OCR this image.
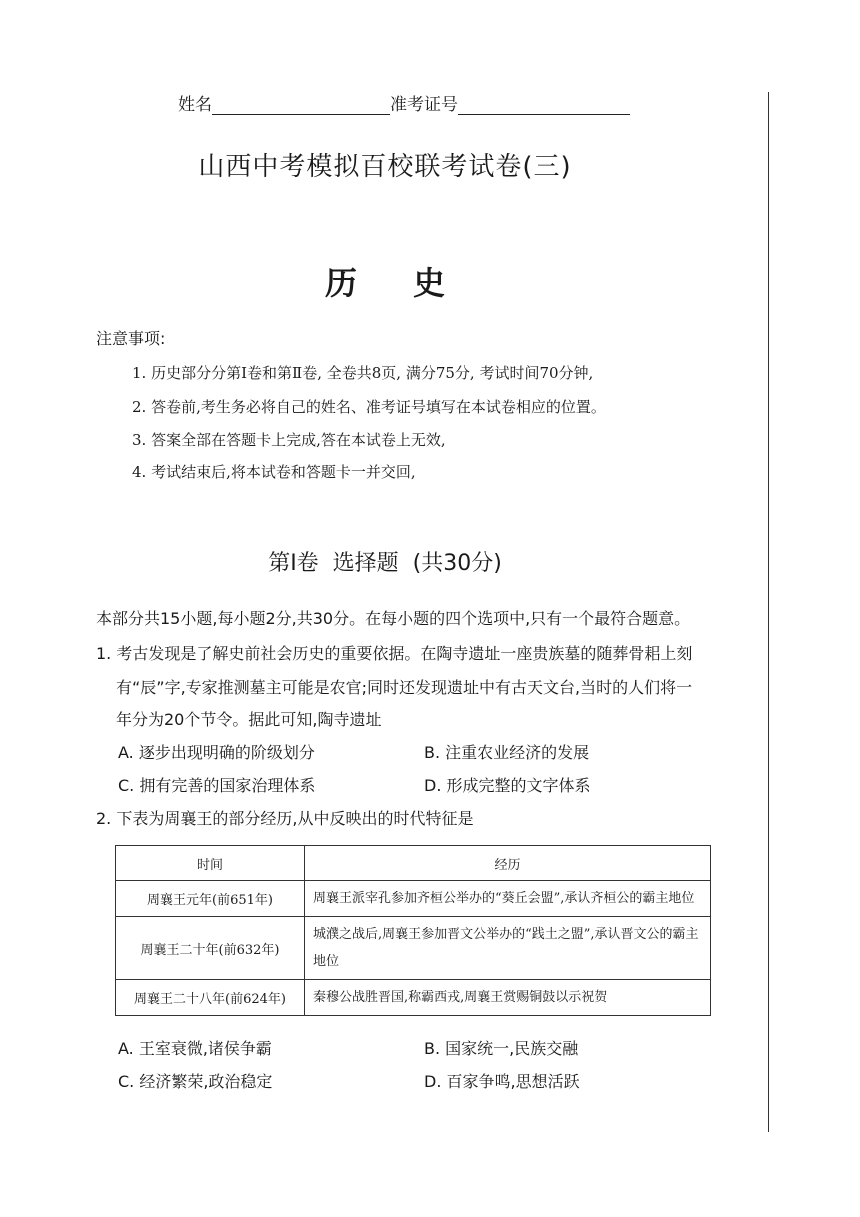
姓名	准考证号
山西中考模拟百校联考试卷(三)
历史
注意事项:
1. 历史部分分第Ⅰ卷和第Ⅱ卷, 全卷共8页, 满分75分, 考试时间70分钟,
2. 答卷前,考生务必将自己的姓名、准考证号填写在本试卷相应的位置。
3. 答案全部在答题卡上完成,答在本试卷上无效,
4. 考试结束后,将本试卷和答题卡一并交回,
第Ⅰ卷  选择题  (共30分)
本部分共15小题,每小题2分,共30分。在每小题的四个选项中,只有一个最符合题意。
1. 考古发现是了解史前社会历史的重要依据。在陶寺遗址一座贵族墓的随葬骨耜上刻
有“辰”字,专家推测墓主可能是农官;同时还发现遗址中有古天文台,当时的人们将一
年分为20个节令。据此可知,陶寺遗址
A. 逐步出现明确的阶级划分	B. 注重农业经济的发展
C. 拥有完善的国家治理体系	D. 形成完整的文字体系
2. 下表为周襄王的部分经历,从中反映出的时代特征是
时间	经历
周襄王元年(前651年)	周襄王派宰孔参加齐桓公举办的“葵丘会盟”,承认齐桓公的霸主地位
周襄王二十年(前632年)	城濮之战后,周襄王参加晋文公举办的“践土之盟”,承认晋文公的霸主地位
周襄王二十八年(前624年)	秦穆公战胜晋国,称霸西戎,周襄王赏赐铜鼓以示祝贺
A. 王室衰微,诸侯争霸	B. 国家统一,民族交融
C. 经济繁荣,政治稳定	D. 百家争鸣,思想活跃
